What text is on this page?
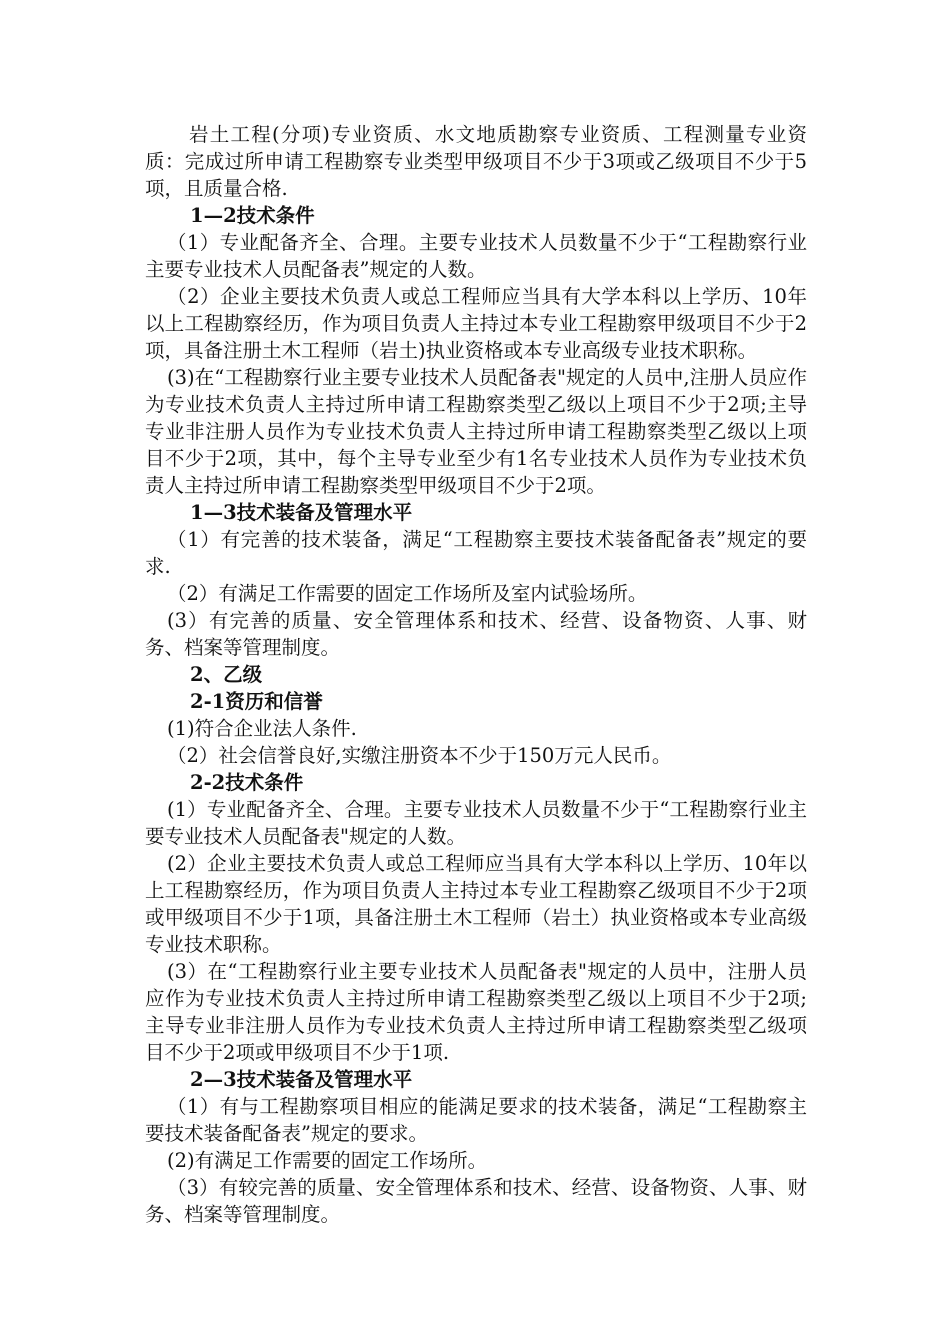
岩土工程(分项)专业资质、水文地质勘察专业资质、工程测量专业资质：完成过所申请工程勘察专业类型甲级项目不少于3项或乙级项目不少于5项，且质量合格.

1—2技术条件

（1）专业配备齐全、合理。主要专业技术人员数量不少于“工程勘察行业主要专业技术人员配备表”规定的人数。

（2）企业主要技术负责人或总工程师应当具有大学本科以上学历、10年以上工程勘察经历，作为项目负责人主持过本专业工程勘察甲级项目不少于2项，具备注册土木工程师（岩土)执业资格或本专业高级专业技术职称。

(3)在“工程勘察行业主要专业技术人员配备表"规定的人员中,注册人员应作为专业技术负责人主持过所申请工程勘察类型乙级以上项目不少于2项;主导专业非注册人员作为专业技术负责人主持过所申请工程勘察类型乙级以上项目不少于2项，其中，每个主导专业至少有1名专业技术人员作为专业技术负责人主持过所申请工程勘察类型甲级项目不少于2项。

1—3技术装备及管理水平

（1）有完善的技术装备，满足“工程勘察主要技术装备配备表”规定的要求.

（2）有满足工作需要的固定工作场所及室内试验场所。

(3）有完善的质量、安全管理体系和技术、经营、设备物资、人事、财务、档案等管理制度。

2、乙级

2-1资历和信誉

(1)符合企业法人条件.

（2）社会信誉良好,实缴注册资本不少于150万元人民币。

2-2技术条件

(1）专业配备齐全、合理。主要专业技术人员数量不少于“工程勘察行业主要专业技术人员配备表"规定的人数。

(2）企业主要技术负责人或总工程师应当具有大学本科以上学历、10年以上工程勘察经历，作为项目负责人主持过本专业工程勘察乙级项目不少于2项或甲级项目不少于1项，具备注册土木工程师（岩土）执业资格或本专业高级专业技术职称。

(3）在“工程勘察行业主要专业技术人员配备表"规定的人员中，注册人员应作为专业技术负责人主持过所申请工程勘察类型乙级以上项目不少于2项;主导专业非注册人员作为专业技术负责人主持过所申请工程勘察类型乙级项目不少于2项或甲级项目不少于1项.

2—3技术装备及管理水平

（1）有与工程勘察项目相应的能满足要求的技术装备，满足“工程勘察主要技术装备配备表”规定的要求。

(2)有满足工作需要的固定工作场所。

（3）有较完善的质量、安全管理体系和技术、经营、设备物资、人事、财务、档案等管理制度。
